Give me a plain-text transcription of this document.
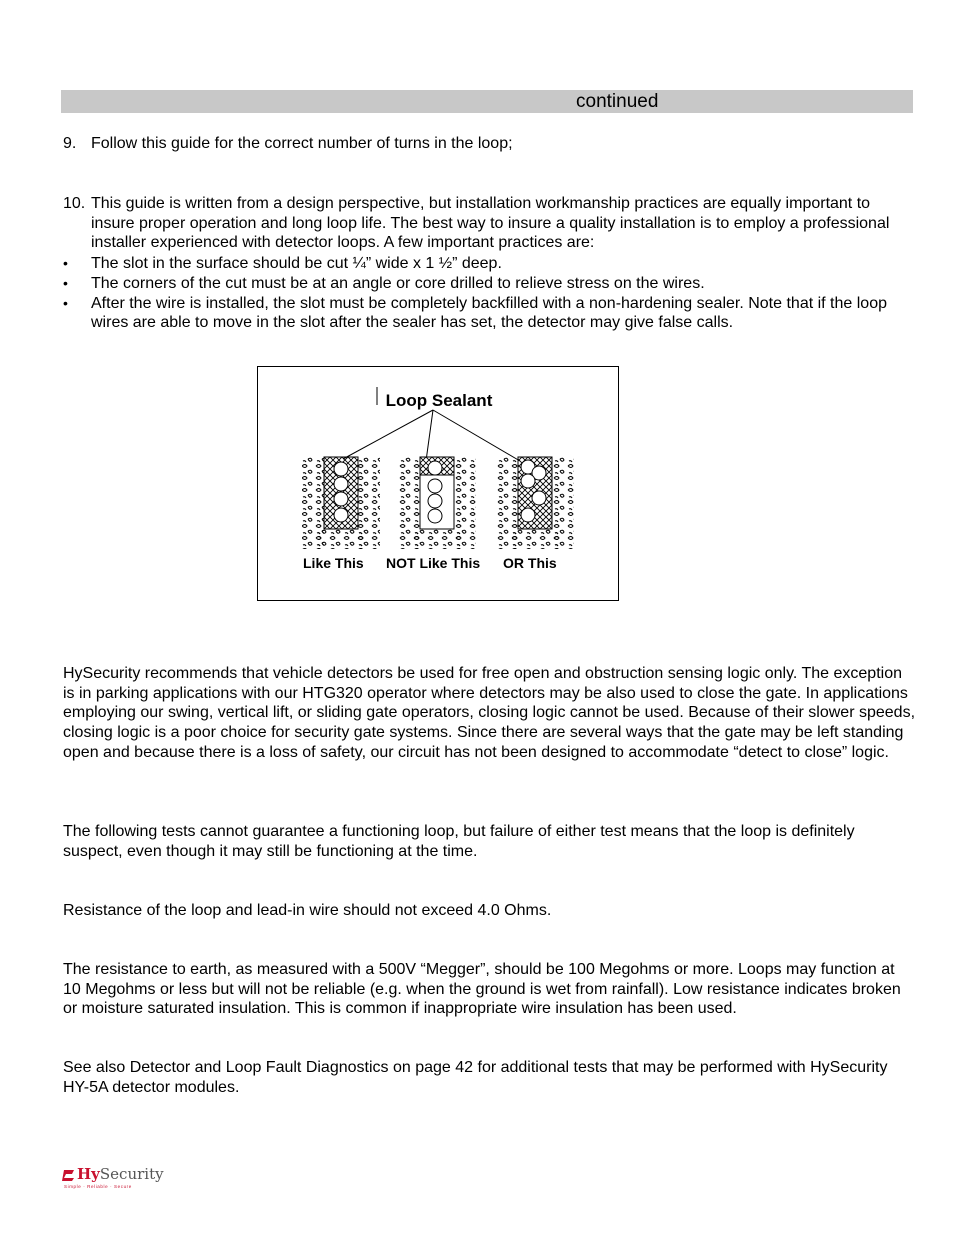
continued
9. Follow this guide for the correct number of turns in the loop;
10. This guide is written from a design perspective, but installation workmanship practices are equally important to insure proper operation and long loop life. The best way to insure a quality installation is to employ a professional installer experienced with detector loops. A few important practices are:
• The slot in the surface should be cut ¼” wide x 1 ½” deep.
• The corners of the cut must be at an angle or core drilled to relieve stress on the wires.
• After the wire is installed, the slot must be completely backfilled with a non-hardening sealer. Note that if the loop wires are able to move in the slot after the sealer has set, the detector may give false calls.
Loop Sealant
Like This NOT Like This OR This
HySecurity recommends that vehicle detectors be used for free open and obstruction sensing logic only. The exception is in parking applications with our HTG320 operator where detectors may be also used to close the gate. In applications employing our swing, vertical lift, or sliding gate operators, closing logic cannot be used. Because of their slower speeds, closing logic is a poor choice for security gate systems. Since there are several ways that the gate may be left standing open and because there is a loss of safety, our circuit has not been designed to accommodate “detect to close” logic.
The following tests cannot guarantee a functioning loop, but failure of either test means that the loop is definitely suspect, even though it may still be functioning at the time.
Resistance of the loop and lead-in wire should not exceed 4.0 Ohms.
The resistance to earth, as measured with a 500V “Megger”, should be 100 Megohms or more. Loops may function at 10 Megohms or less but will not be reliable (e.g. when the ground is wet from rainfall). Low resistance indicates broken or moisture saturated insulation. This is common if inappropriate wire insulation has been used.
See also Detector and Loop Fault Diagnostics on page 42 for additional tests that may be performed with HySecurity HY-5A detector modules.
HySecurity
Simple · Reliable · Secure
